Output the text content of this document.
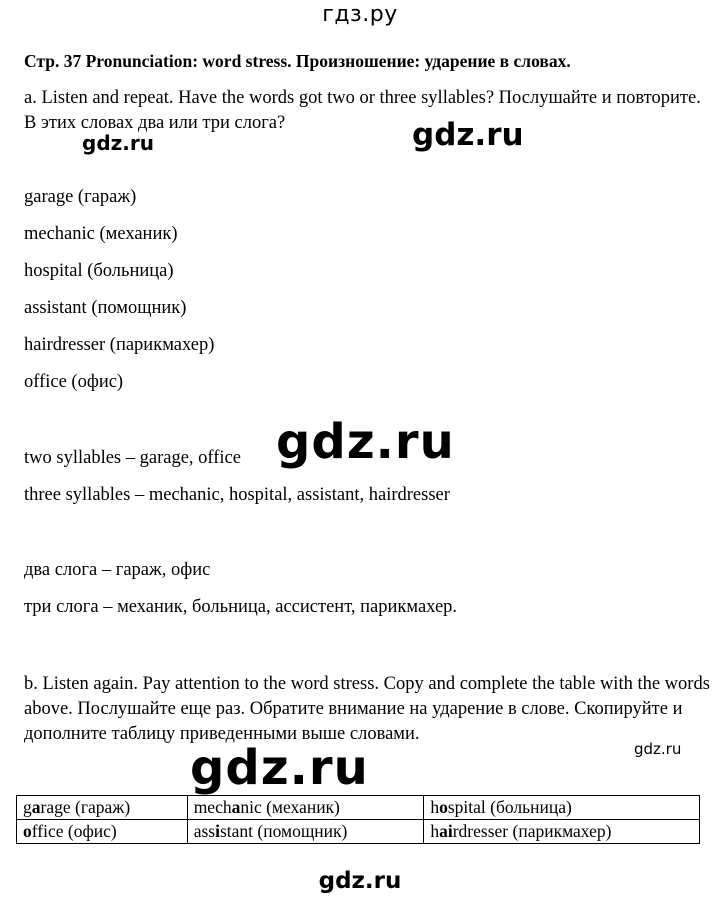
гдз.ру
Стр. 37 Pronunciation: word stress. Произношение: ударение в словах.
a. Listen and repeat. Have the words got two or three syllables? Послушайте и повторите. В этих словах два или три слога?
gdz.ru	gdz.ru
garage (гараж)
mechanic (механик)
hospital (больница)
assistant (помощник)
hairdresser (парикмахер)
office (офис)
two syllables – garage, office gdz.ru
three syllables – mechanic, hospital, assistant, hairdresser
два слога – гараж, офис
три слога – механик, больница, ассистент, парикмахер.
b. Listen again. Pay attention to the word stress. Copy and complete the table with the words above. Послушайте еще раз. Обратите внимание на ударение в слове. Скопируйте и дополните таблицу приведенными выше словами.
gdz.ru
gdz.ru
garage (гараж)	mechanic (механик)	hospital (больница)
office (офис)	assistant (помощник)	hairdresser (парикмахер)
gdz.ru
